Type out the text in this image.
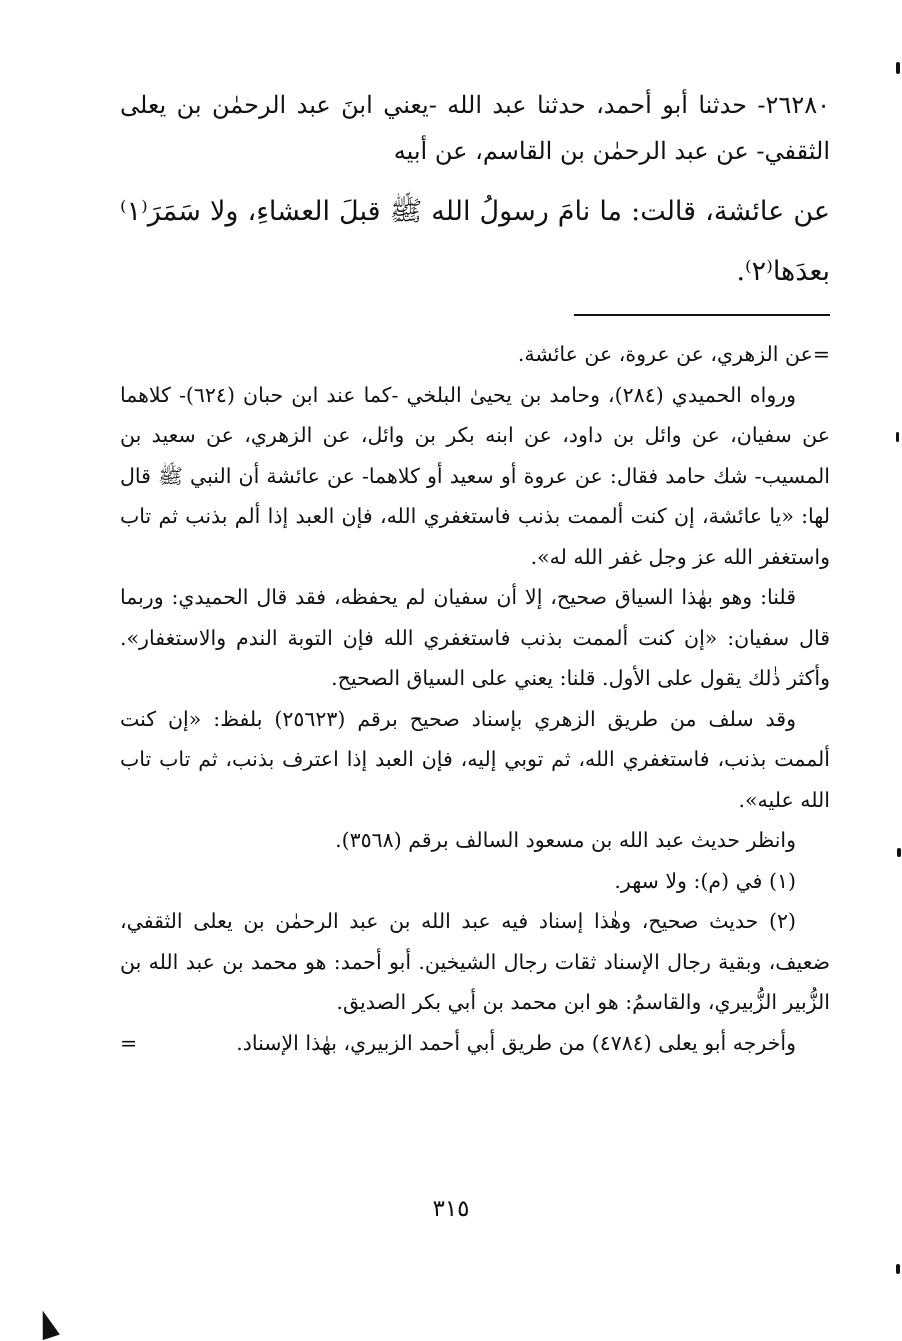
٢٦٢٨٠- حدثنا أبو أحمد، حدثنا عبد الله -يعني ابنَ عبد الرحمٰن بن يعلى الثقفي- عن عبد الرحمٰن بن القاسم، عن أبيه

عن عائشة، قالت: ما نامَ رسولُ الله ﷺ قبلَ العشاءِ، ولا سَمَرَ⁽١⁾ بعدَها⁽٢⁾.

=عن الزهري، عن عروة، عن عائشة.

ورواه الحميدي (٢٨٤)، وحامد بن يحيىٰ البلخي -كما عند ابن حبان (٦٢٤)- كلاهما عن سفيان، عن وائل بن داود، عن ابنه بكر بن وائل، عن الزهري، عن سعيد بن المسيب- شك حامد فقال: عن عروة أو سعيد أو كلاهما- عن عائشة أن النبي ﷺ قال لها: «يا عائشة، إن كنت ألممت بذنب فاستغفري الله، فإن العبد إذا ألم بذنب ثم تاب واستغفر الله عز وجل غفر الله له».

قلنا: وهو بهٰذا السياق صحيح، إلا أن سفيان لم يحفظه، فقد قال الحميدي: وربما قال سفيان: «إن كنت ألممت بذنب فاستغفري الله فإن التوبة الندم والاستغفار». وأكثر ذٰلك يقول على الأول. قلنا: يعني على السياق الصحيح.

وقد سلف من طريق الزهري بإسناد صحيح برقم (٢٥٦٢٣) بلفظ: «إن كنت ألممت بذنب، فاستغفري الله، ثم توبي إليه، فإن العبد إذا اعترف بذنب، ثم تاب تاب الله عليه».

وانظر حديث عبد الله بن مسعود السالف برقم (٣٥٦٨).

(١) في (م): ولا سهر.

(٢) حديث صحيح، وهٰذا إسناد فيه عبد الله بن عبد الرحمٰن بن يعلى الثقفي، ضعيف، وبقية رجال الإسناد ثقات رجال الشيخين. أبو أحمد: هو محمد بن عبد الله بن الزُّبير الزُّبيري، والقاسمُ: هو ابن محمد بن أبي بكر الصديق.

وأخرجه أبو يعلى (٤٧٨٤) من طريق أبي أحمد الزبيري، بهٰذا الإسناد.
=

٣١٥
